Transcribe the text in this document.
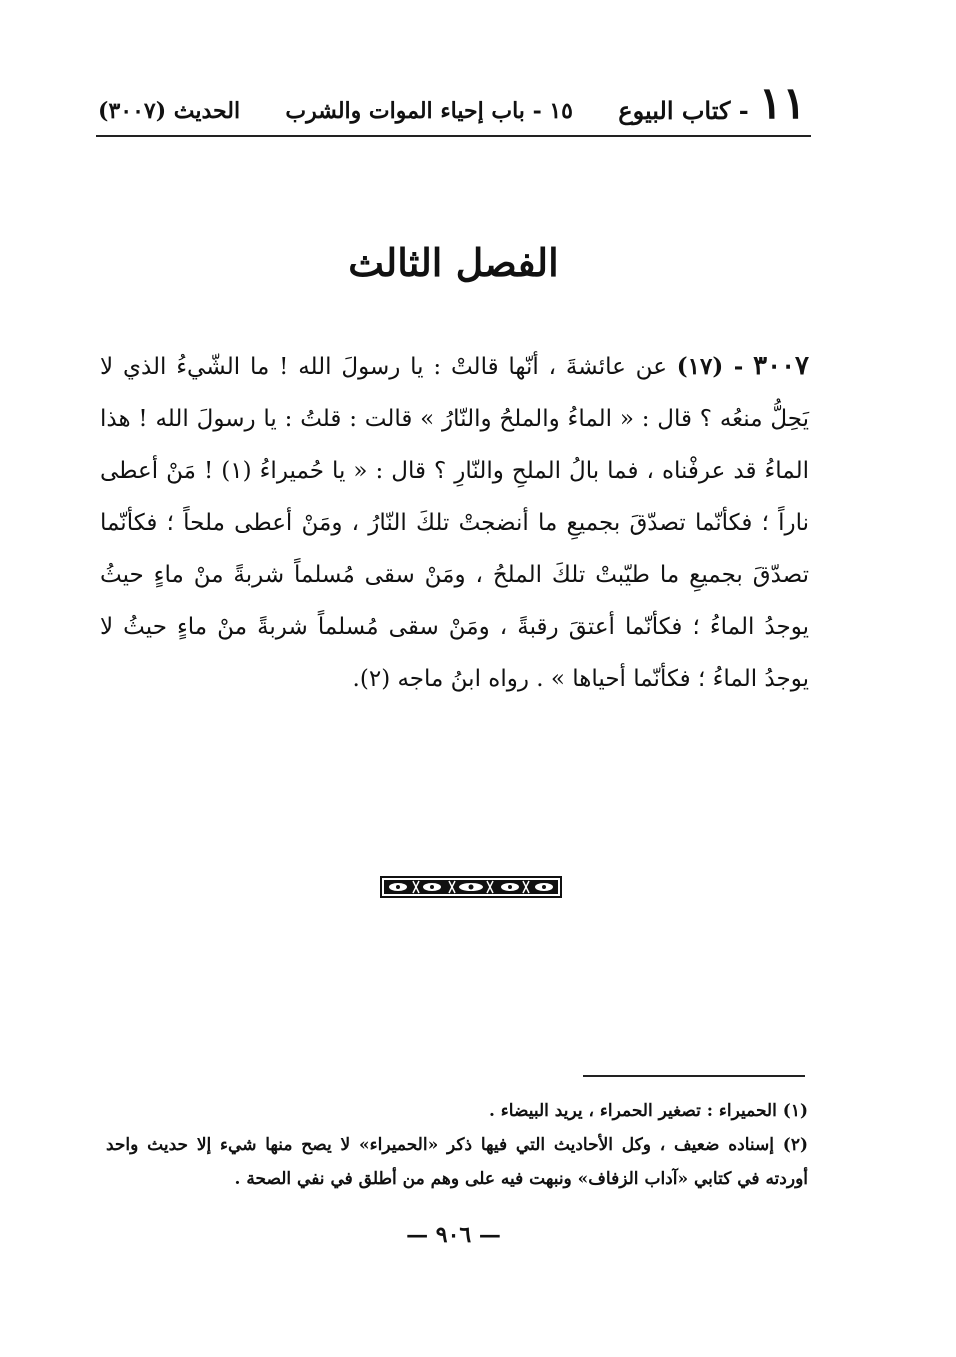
١١
- كتاب البيوع
١٥ - باب إحياء الموات والشرب
الحديث (٣٠٠٧)
الفصل الثالث
٣٠٠٧ - (١٧) عن عائشةَ ، أنّها قالتْ : يا رسولَ الله ! ما الشّيءُ الذي لا يَحِلُّ منعُه ؟ قال : « الماءُ والملحُ والنّارُ » قالت : قلتُ : يا رسولَ الله ! هذا الماءُ قد عرفْناه ، فما بالُ الملحِ والنّارِ ؟ قال : « يا حُميراءُ (١) ! مَنْ أعطى ناراً ؛ فكأنّما تصدّقَ بجميعِ ما أنضجتْ تلكَ النّارُ ، ومَنْ أعطى ملحاً ؛ فكأنّما تصدّقَ بجميعِ ما طيّبتْ تلكَ الملحُ ، ومَنْ سقى مُسلماً شربةً منْ ماءٍ حيثُ يوجدُ الماءُ ؛ فكأنّما أعتقَ رقبةً ، ومَنْ سقى مُسلماً شربةً منْ ماءٍ حيثُ لا يوجدُ الماءُ ؛ فكأنّما أحياها » . رواه ابنُ ماجه (٢).

(١) الحميراء : تصغير الحمراء ، يريد البيضاء .

(٢) إسناده ضعيف ، وكل الأحاديث التي فيها ذكر «الحميراء» لا يصح منها شيء إلا حديث واحد أوردته في كتابي «آداب الزفاف» ونبهت فيه على وهم من أطلق في نفي الصحة .

— ٩٠٦ —
